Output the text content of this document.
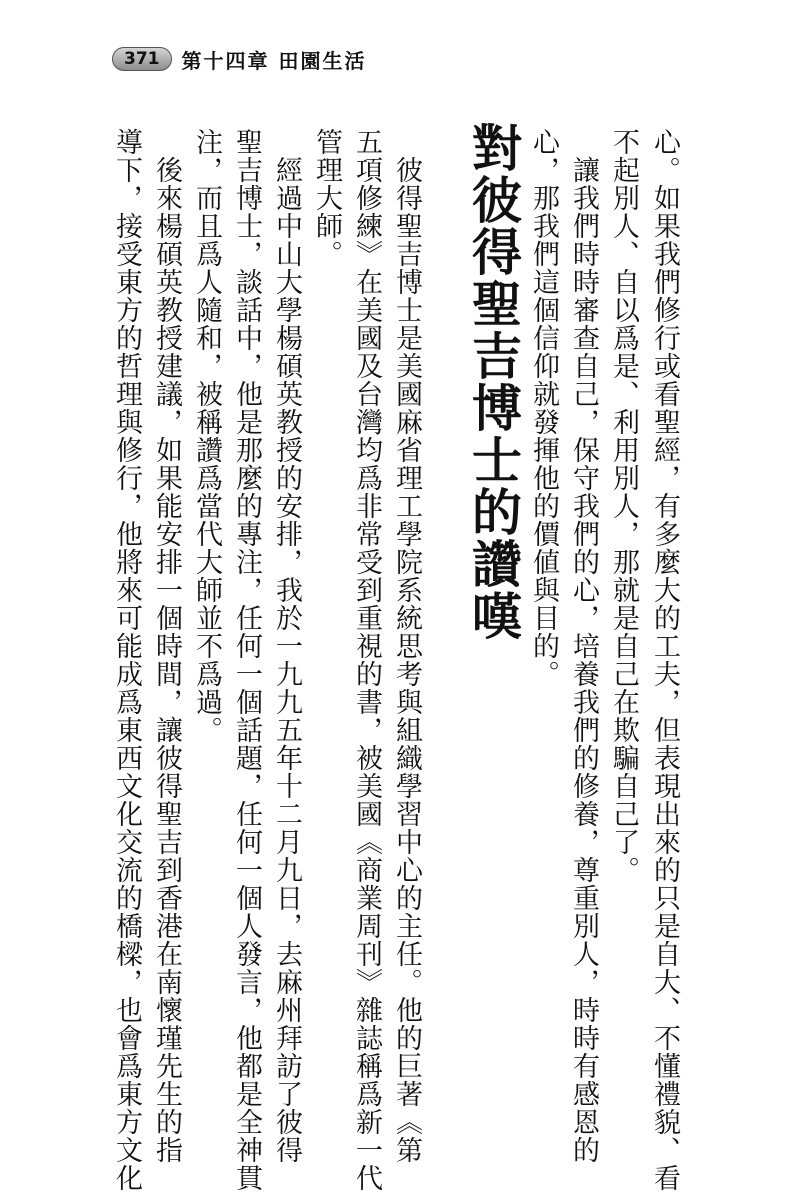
371	第十四章 田園生活
心。如果我們修行或看聖經，有多麼大的工夫，但表現出來的只是自大、不懂禮貌、看
不起別人、自以爲是、利用別人，那就是自己在欺騙自己了。
　讓我們時時審查自己，保守我們的心，培養我們的修養，尊重別人，時時有感恩的
心，那我們這個信仰就發揮他的價値與目的。
對彼得聖吉博士的讚嘆
　彼得聖吉博士是美國麻省理工學院系統思考與組織學習中心的主任。他的巨著《第
五項修練》在美國及台灣均爲非常受到重視的書，被美國《商業周刊》雜誌稱爲新一代
管理大師。
　經過中山大學楊碩英教授的安排，我於一九九五年十二月九日，去麻州拜訪了彼得
聖吉博士，談話中，他是那麼的專注，任何一個話題，任何一個人發言，他都是全神貫
注，而且爲人隨和，被稱讚爲當代大師並不爲過。
　後來楊碩英教授建議，如果能安排一個時間，讓彼得聖吉到香港在南懷瑾先生的指
導下，接受東方的哲理與修行，他將來可能成爲東西文化交流的橋樑，也會爲東方文化
